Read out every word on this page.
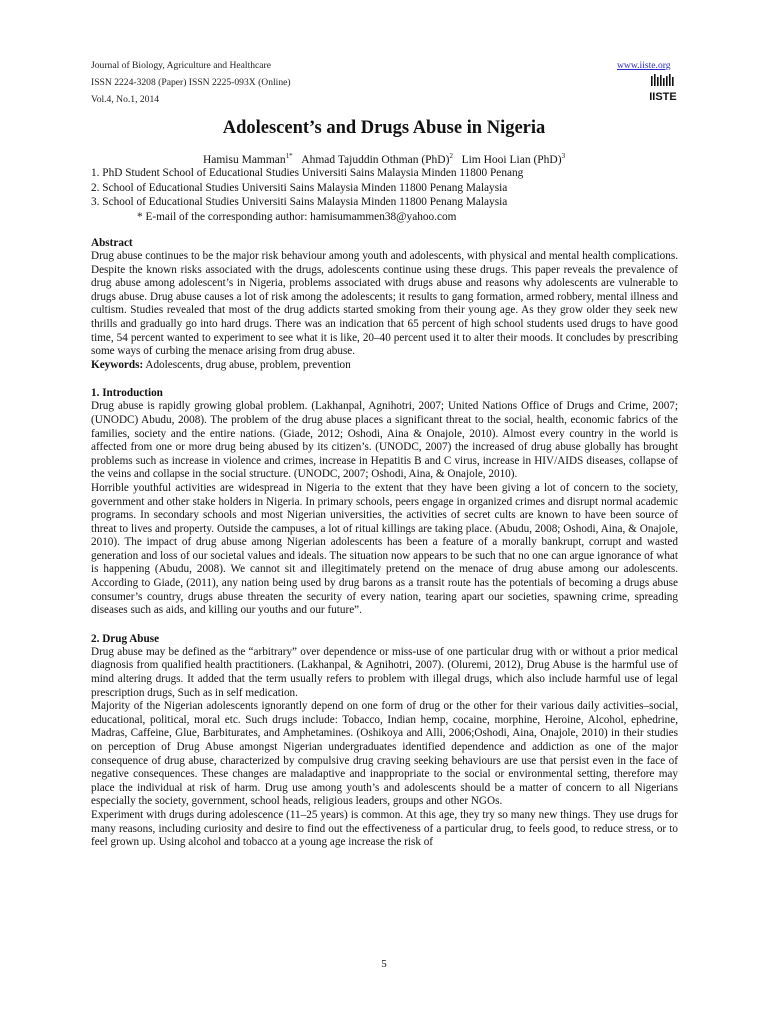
Journal of Biology, Agriculture and Healthcare
ISSN 2224-3208 (Paper) ISSN 2225-093X (Online)
Vol.4, No.1, 2014
www.iiste.org
IISTE
Adolescent’s and Drugs Abuse in Nigeria
Hamisu Mamman$^{1*}$ Ahmad Tajuddin Othman (PhD)$^2$ Lim Hooi Lian (PhD)$^3$
1. PhD Student School of Educational Studies Universiti Sains Malaysia Minden 11800 Penang
2. School of Educational Studies Universiti Sains Malaysia Minden 11800 Penang Malaysia
3. School of Educational Studies Universiti Sains Malaysia Minden 11800 Penang Malaysia
* E-mail of the corresponding author: hamisumammen38@yahoo.com
Abstract

Drug abuse continues to be the major risk behaviour among youth and adolescents, with physical and mental health complications. Despite the known risks associated with the drugs, adolescents continue using these drugs. This paper reveals the prevalence of drug abuse among adolescent’s in Nigeria, problems associated with drugs abuse and reasons why adolescents are vulnerable to drugs abuse. Drug abuse causes a lot of risk among the adolescents; it results to gang formation, armed robbery, mental illness and cultism. Studies revealed that most of the drug addicts started smoking from their young age. As they grow older they seek new thrills and gradually go into hard drugs. There was an indication that 65 percent of high school students used drugs to have good time, 54 percent wanted to experiment to see what it is like, 20–40 percent used it to alter their moods. It concludes by prescribing some ways of curbing the menace arising from drug abuse.

Keywords: Adolescents, drug abuse, problem, prevention

1. Introduction

Drug abuse is rapidly growing global problem. (Lakhanpal, Agnihotri, 2007; United Nations Office of Drugs and Crime, 2007; (UNODC) Abudu, 2008). The problem of the drug abuse places a significant threat to the social, health, economic fabrics of the families, society and the entire nations. (Giade, 2012; Oshodi, Aina & Onajole, 2010). Almost every country in the world is affected from one or more drug being abused by its citizen’s. (UNODC, 2007) the increased of drug abuse globally has brought problems such as increase in violence and crimes, increase in Hepatitis B and C virus, increase in HIV/AIDS diseases, collapse of the veins and collapse in the social structure. (UNODC, 2007; Oshodi, Aina, & Onajole, 2010).

Horrible youthful activities are widespread in Nigeria to the extent that they have been giving a lot of concern to the society, government and other stake holders in Nigeria. In primary schools, peers engage in organized crimes and disrupt normal academic programs. In secondary schools and most Nigerian universities, the activities of secret cults are known to have been source of threat to lives and property. Outside the campuses, a lot of ritual killings are taking place. (Abudu, 2008; Oshodi, Aina, & Onajole, 2010). The impact of drug abuse among Nigerian adolescents has been a feature of a morally bankrupt, corrupt and wasted generation and loss of our societal values and ideals. The situation now appears to be such that no one can argue ignorance of what is happening (Abudu, 2008). We cannot sit and illegitimately pretend on the menace of drug abuse among our adolescents. According to Giade, (2011), any nation being used by drug barons as a transit route has the potentials of becoming a drugs abuse consumer’s country, drugs abuse threaten the security of every nation, tearing apart our societies, spawning crime, spreading diseases such as aids, and killing our youths and our future”.

2. Drug Abuse

Drug abuse may be defined as the “arbitrary” over dependence or miss-use of one particular drug with or without a prior medical diagnosis from qualified health practitioners. (Lakhanpal, & Agnihotri, 2007). (Oluremi, 2012), Drug Abuse is the harmful use of mind altering drugs. It added that the term usually refers to problem with illegal drugs, which also include harmful use of legal prescription drugs, Such as in self medication.

Majority of the Nigerian adolescents ignorantly depend on one form of drug or the other for their various daily activities–social, educational, political, moral etc. Such drugs include: Tobacco, Indian hemp, cocaine, morphine, Heroine, Alcohol, ephedrine, Madras, Caffeine, Glue, Barbiturates, and Amphetamines. (Oshikoya and Alli, 2006;Oshodi, Aina, Onajole, 2010) in their studies on perception of Drug Abuse amongst Nigerian undergraduates identified dependence and addiction as one of the major consequence of drug abuse, characterized by compulsive drug craving seeking behaviours are use that persist even in the face of negative consequences. These changes are maladaptive and inappropriate to the social or environmental setting, therefore may place the individual at risk of harm. Drug use among youth’s and adolescents should be a matter of concern to all Nigerians especially the society, government, school heads, religious leaders, groups and other NGOs.

Experiment with drugs during adolescence (11–25 years) is common. At this age, they try so many new things. They use drugs for many reasons, including curiosity and desire to find out the effectiveness of a particular drug, to feels good, to reduce stress, or to feel grown up. Using alcohol and tobacco at a young age increase the risk of

5
